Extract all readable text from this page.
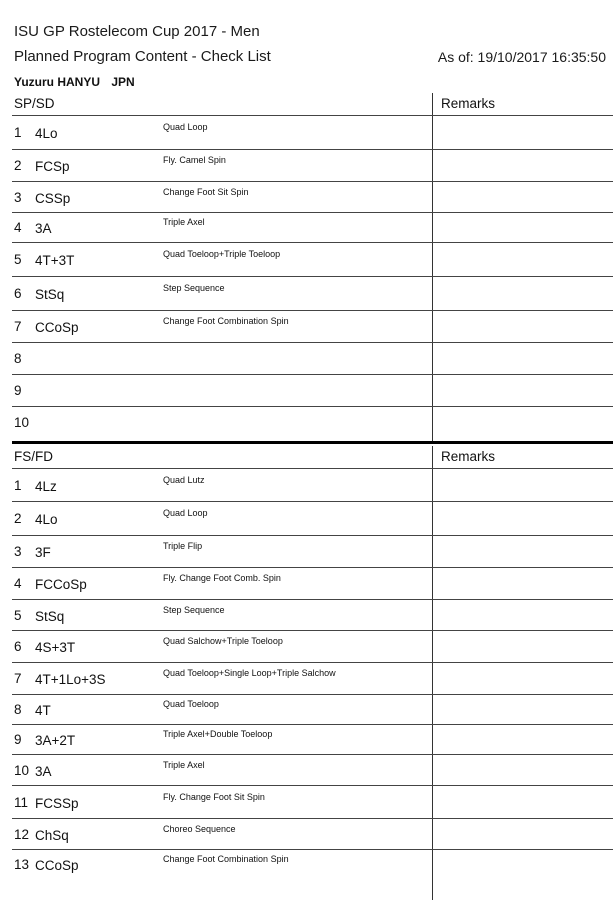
ISU GP Rostelecom Cup 2017 - Men
Planned Program Content - Check List	As of: 19/10/2017 16:35:50
Yuzuru HANYU JPN
SP/SD	Remarks
1 4Lo	Quad Loop
2 FCSp	Fly. Camel Spin
3 CSSp	Change Foot Sit Spin
4 3A	Triple Axel
5 4T+3T	Quad Toeloop+Triple Toeloop
6 StSq	Step Sequence
7 CCoSp	Change Foot Combination Spin
8
9
10
FS/FD	Remarks
1 4Lz	Quad Lutz
2 4Lo	Quad Loop
3 3F	Triple Flip
4 FCCoSp	Fly. Change Foot Comb. Spin
5 StSq	Step Sequence
6 4S+3T	Quad Salchow+Triple Toeloop
7 4T+1Lo+3S	Quad Toeloop+Single Loop+Triple Salchow
8 4T	Quad Toeloop
9 3A+2T	Triple Axel+Double Toeloop
10 3A	Triple Axel
11 FCSSp	Fly. Change Foot Sit Spin
12 ChSq	Choreo Sequence
13 CCoSp	Change Foot Combination Spin
